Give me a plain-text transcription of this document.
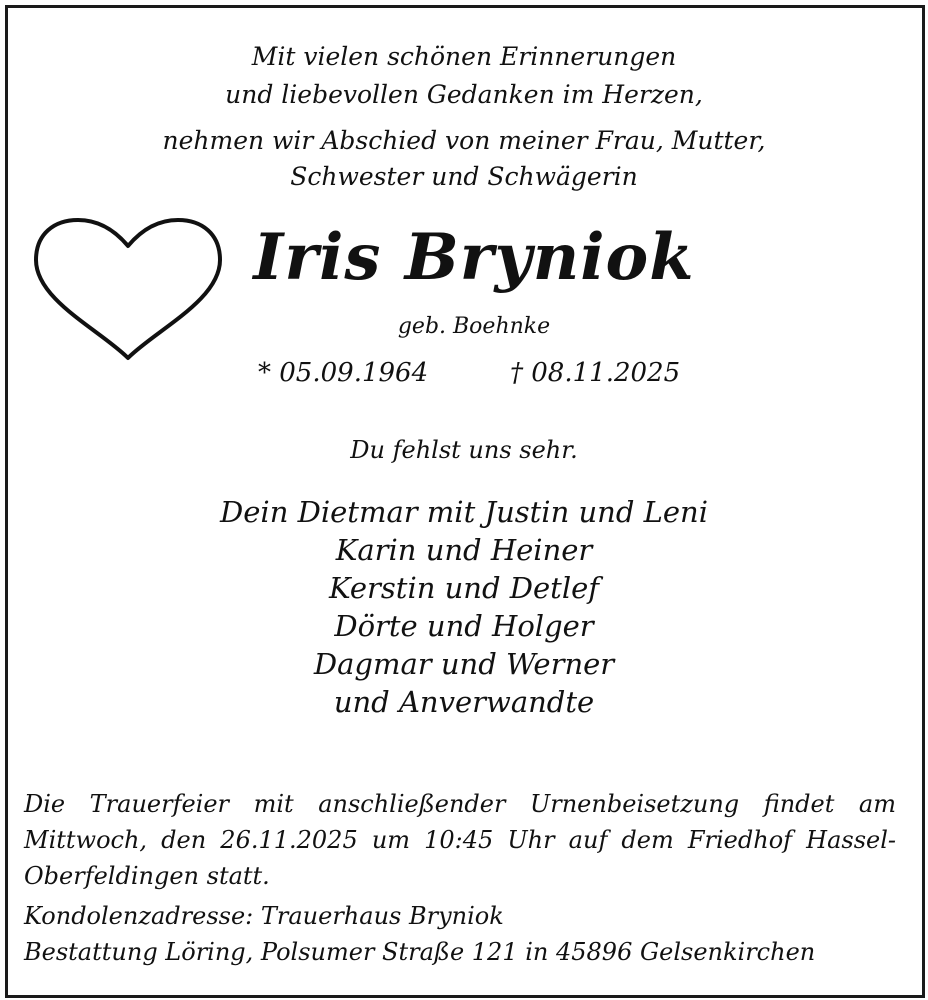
Mit vielen schönen Erinnerungen
und liebevollen Gedanken im Herzen,
nehmen wir Abschied von meiner Frau, Mutter,
Schwester und Schwägerin
Iris Bryniok
geb. Boehnke
* 05.09.1964	† 08.11.2025
Du fehlst uns sehr.
Dein Dietmar mit Justin und Leni
Karin und Heiner
Kerstin und Detlef
Dörte und Holger
Dagmar und Werner
und Anverwandte
Die Trauerfeier mit anschließender Urnenbeisetzung findet am
Mittwoch, den 26.11.2025 um 10:45 Uhr auf dem Friedhof Hassel-
Oberfeldingen statt.
Kondolenzadresse: Trauerhaus Bryniok
Bestattung Löring, Polsumer Straße 121 in 45896 Gelsenkirchen
